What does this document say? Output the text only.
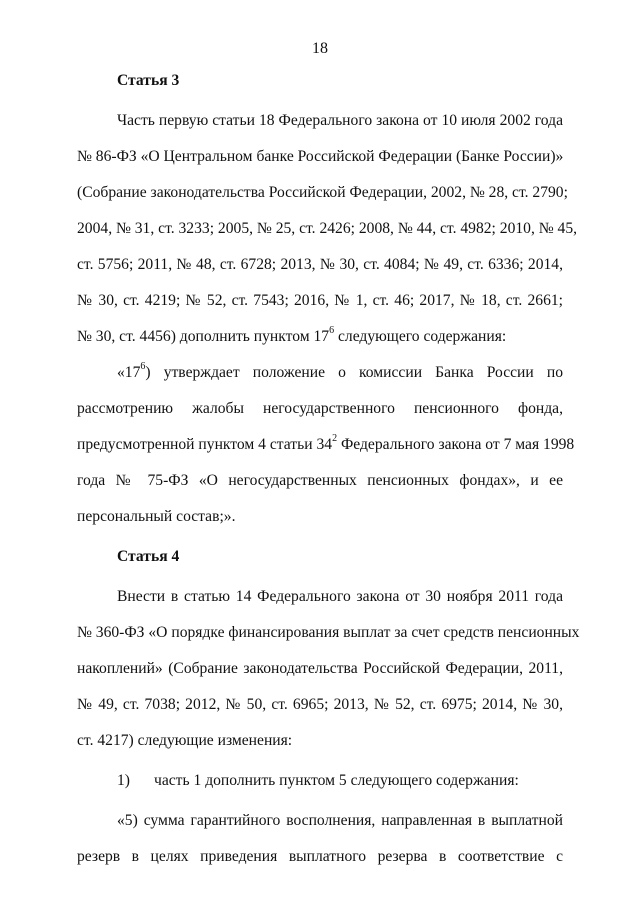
18
Статья 3
Часть первую статьи 18 Федерального закона от 10 июля 2002 года
№ 86-ФЗ «О Центральном банке Российской Федерации (Банке России)»
(Собрание законодательства Российской Федерации, 2002, № 28, ст. 2790;
2004, № 31, ст. 3233; 2005, № 25, ст. 2426; 2008, № 44, ст. 4982; 2010, № 45,
ст. 5756; 2011, № 48, ст. 6728; 2013, № 30, ст. 4084; № 49, ст. 6336; 2014,
№ 30, ст. 4219; № 52, ст. 7543; 2016, № 1, ст. 46; 2017, № 18, ст. 2661;
№ 30, ст. 4456) дополнить пунктом $17^6$ следующего содержания:
«$17^6$) утверждает положение о комиссии Банка России по
рассмотрению жалобы негосударственного пенсионного фонда,
предусмотренной пунктом 4 статьи $34^2$ Федерального закона от 7 мая 1998
года № 75-ФЗ «О негосударственных пенсионных фондах», и ее
персональный состав;».
Статья 4
Внести в статью 14 Федерального закона от 30 ноября 2011 года
№ 360-ФЗ «О порядке финансирования выплат за счет средств пенсионных
накоплений» (Собрание законодательства Российской Федерации, 2011,
№ 49, ст. 7038; 2012, № 50, ст. 6965; 2013, № 52, ст. 6975; 2014, № 30,
ст. 4217) следующие изменения:
1)	часть 1 дополнить пунктом 5 следующего содержания:
«5) сумма гарантийного восполнения, направленная в выплатной
резерв в целях приведения выплатного резерва в соответствие с
